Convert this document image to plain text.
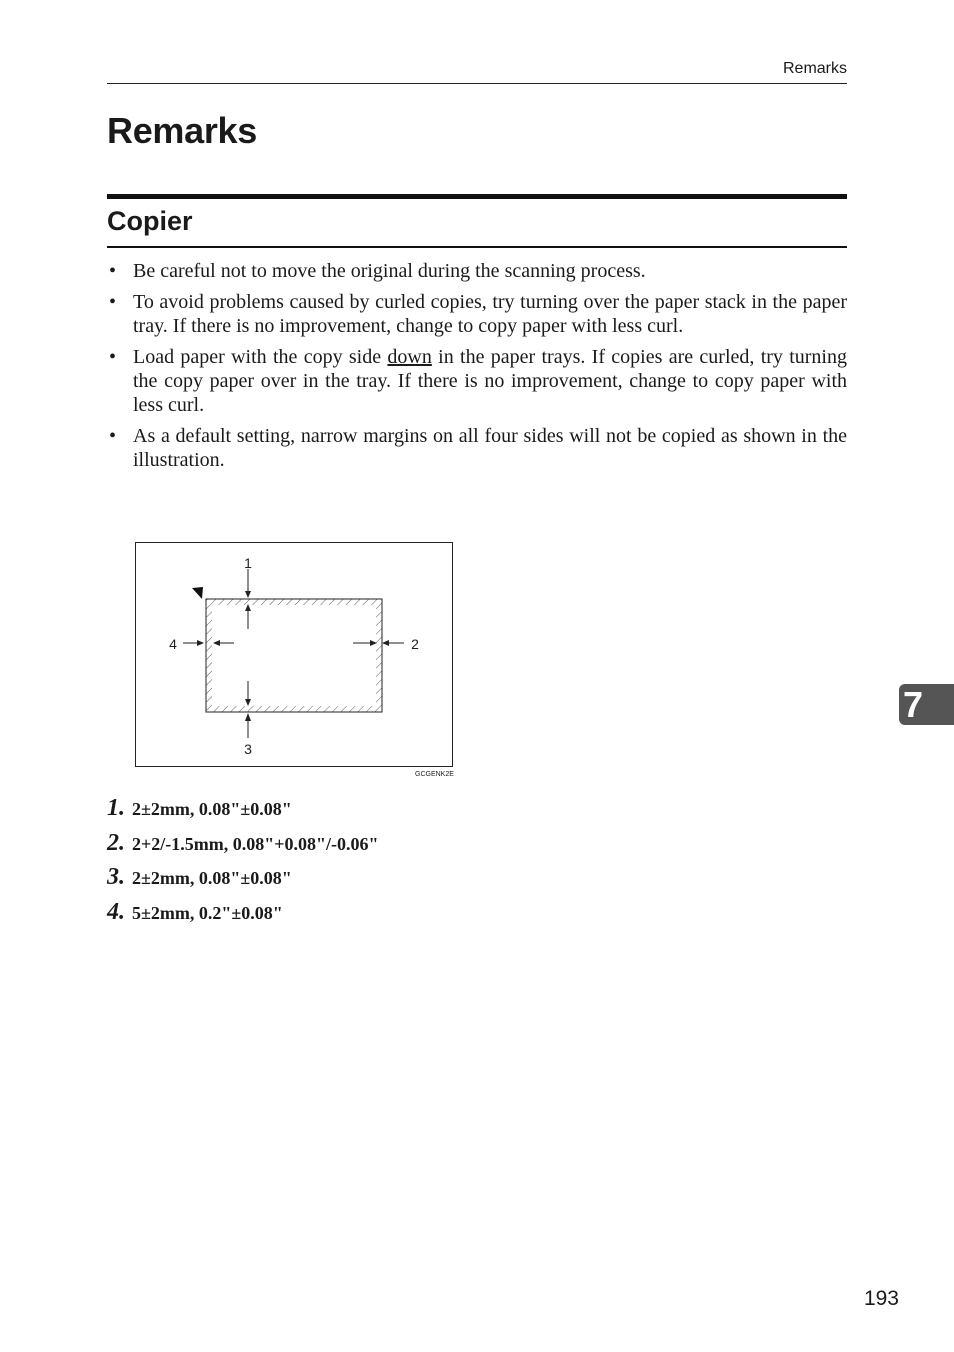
Remarks
Remarks
Copier
• Be careful not to move the original during the scanning process.
• To avoid problems caused by curled copies, try turning over the paper stack in the paper tray. If there is no improvement, change to copy paper with less curl.
• Load paper with the copy side down in the paper trays. If copies are curled, try turning the copy paper over in the tray. If there is no improvement, change to copy paper with less curl.
• As a default setting, narrow margins on all four sides will not be copied as shown in the illustration.
1
2
3
4
GCGENK2E
1. 2±2mm, 0.08"±0.08"
2. 2+2/-1.5mm, 0.08"+0.08"/-0.06"
3. 2±2mm, 0.08"±0.08"
4. 5±2mm, 0.2"±0.08"
7
193
